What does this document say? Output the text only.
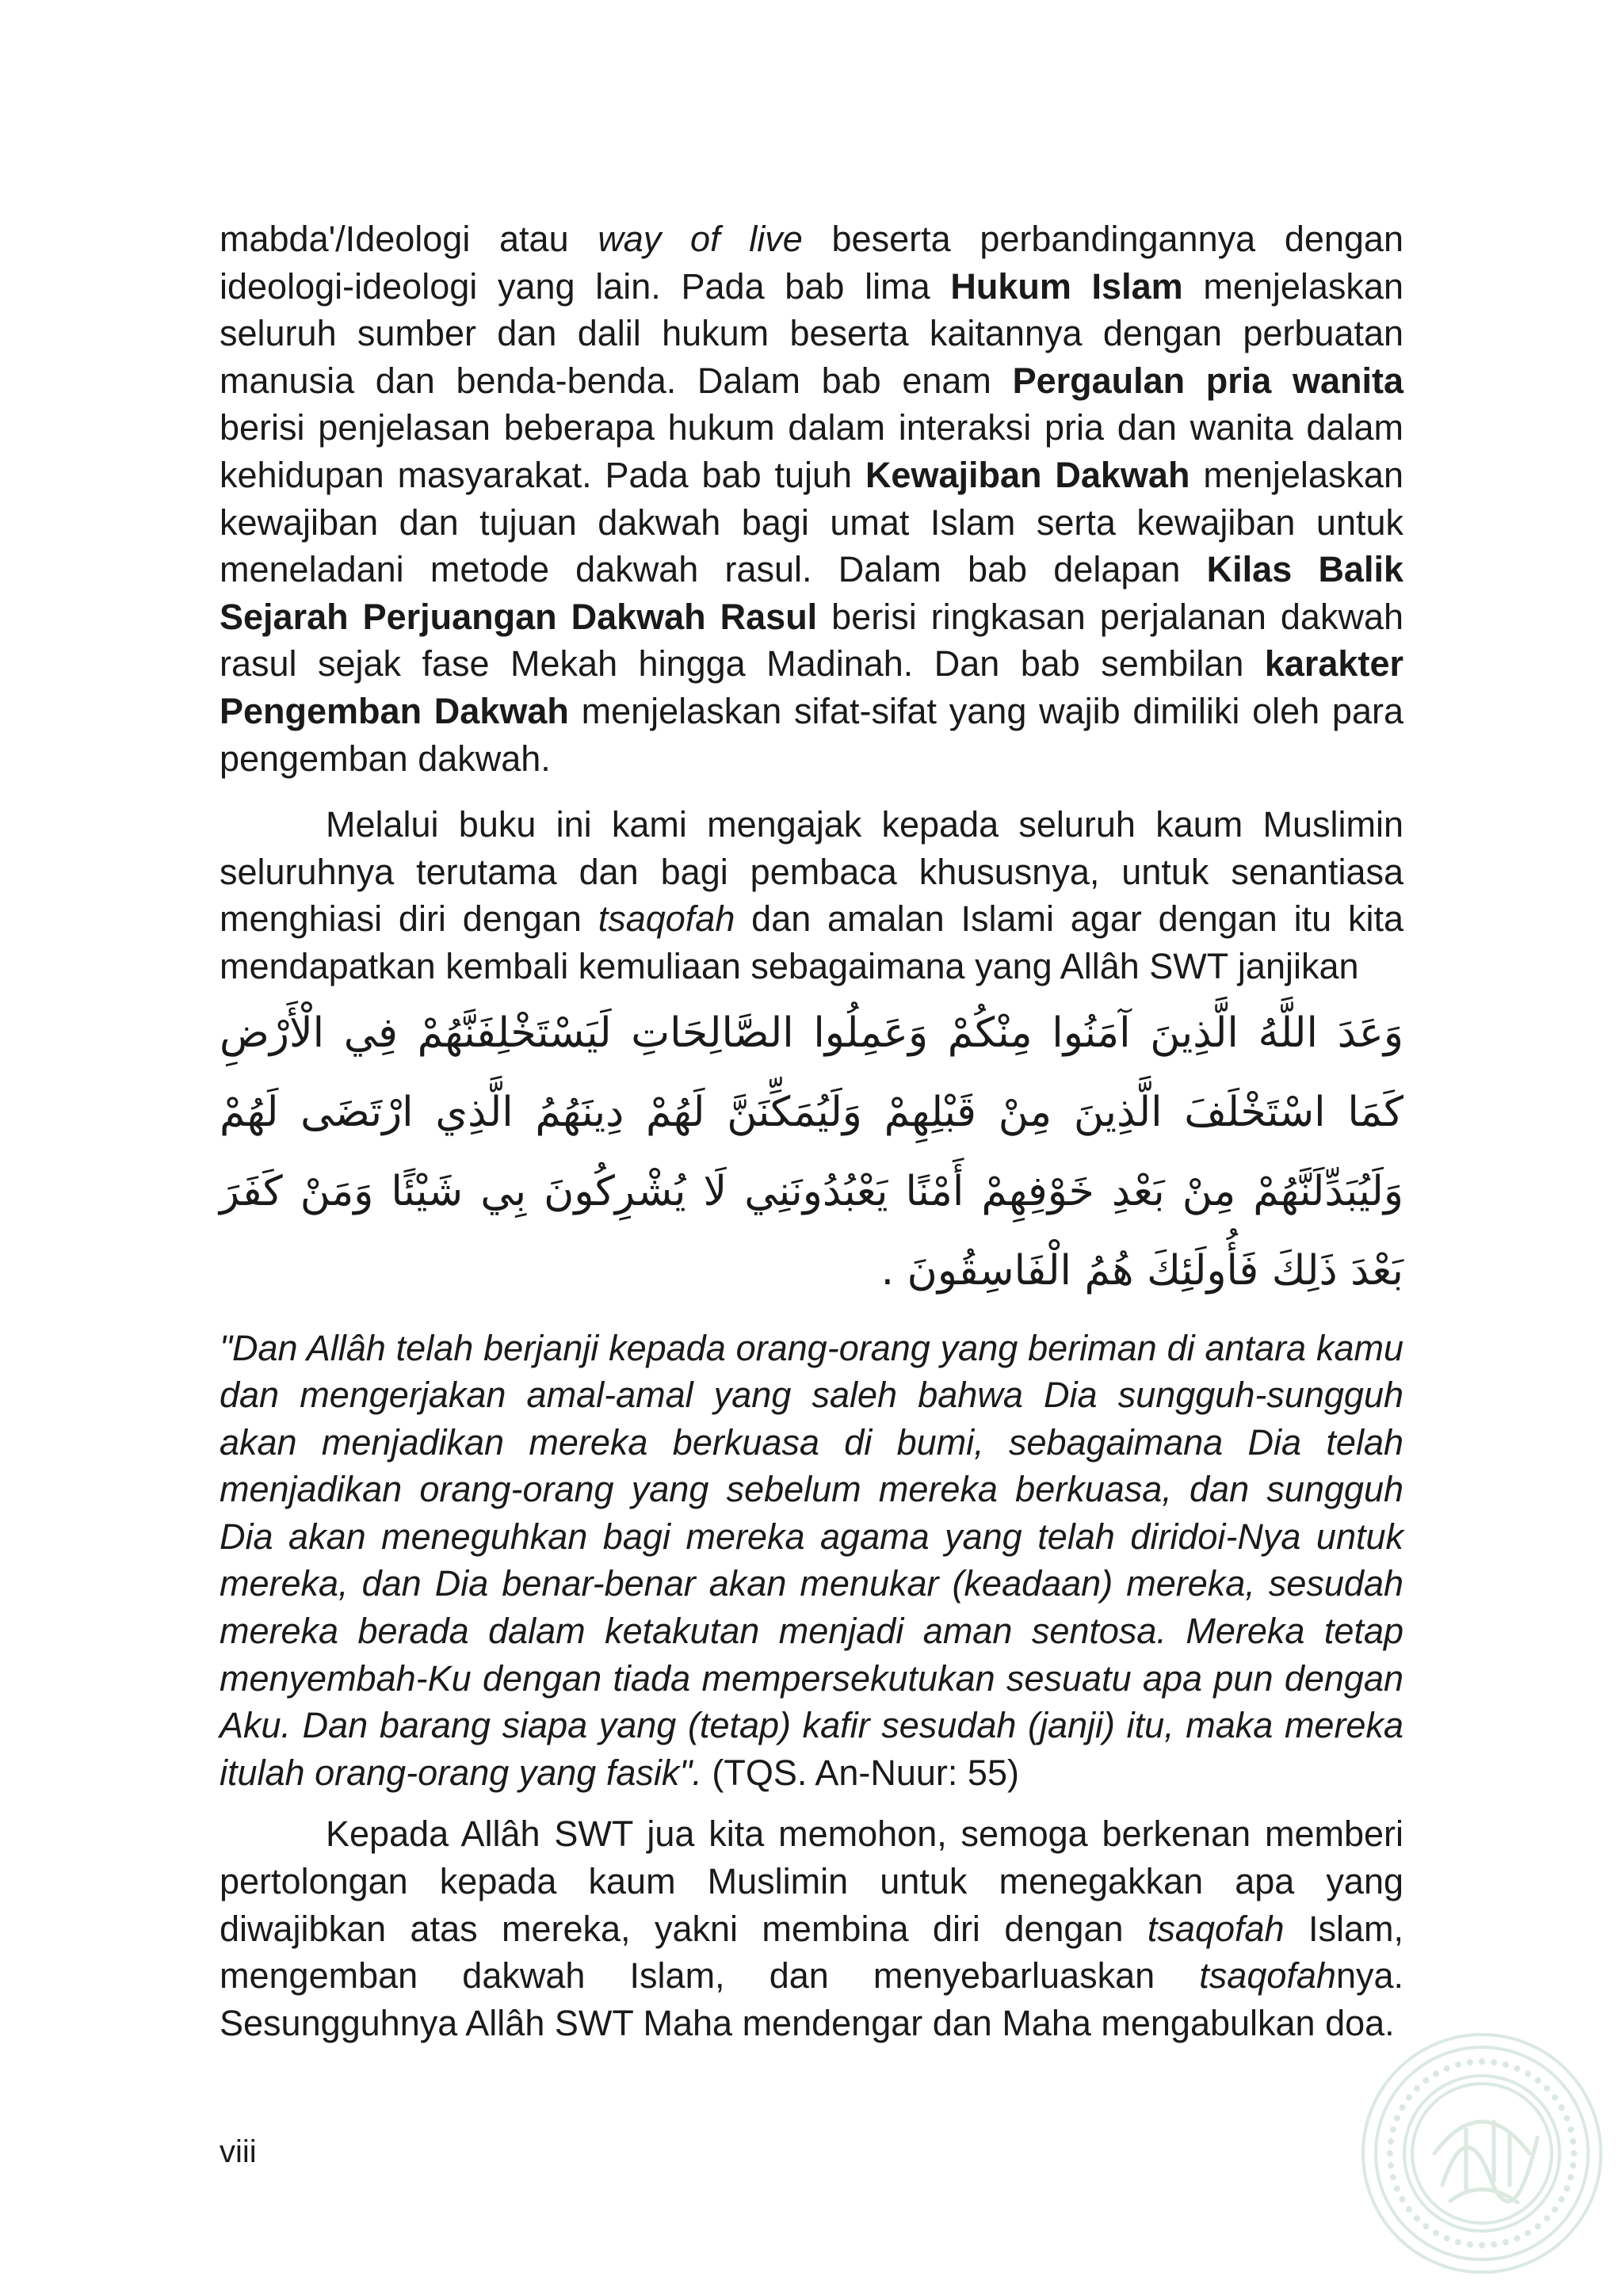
mabda'/Ideologi atau way of live beserta perbandingannya dengan ideologi-ideologi yang lain. Pada bab lima Hukum Islam menjelaskan seluruh sumber dan dalil hukum beserta kaitannya dengan perbuatan manusia dan benda-benda. Dalam bab enam Pergaulan pria wanita berisi penjelasan beberapa hukum dalam interaksi pria dan wanita dalam kehidupan masyarakat. Pada bab tujuh Kewajiban Dakwah menjelaskan kewajiban dan tujuan dakwah bagi umat Islam serta kewajiban untuk meneladani metode dakwah rasul. Dalam bab delapan Kilas Balik Sejarah Perjuangan Dakwah Rasul berisi ringkasan perjalanan dakwah rasul sejak fase Mekah hingga Madinah. Dan bab sembilan karakter Pengemban Dakwah menjelaskan sifat-sifat yang wajib dimiliki oleh para pengemban dakwah.

Melalui buku ini kami mengajak kepada seluruh kaum Muslimin seluruhnya terutama dan bagi pembaca khususnya, untuk senantiasa menghiasi diri dengan tsaqofah dan amalan Islami agar dengan itu kita mendapatkan kembali kemuliaan sebagaimana yang Allâh SWT janjikan

وَعَدَ اللَّهُ الَّذِينَ آمَنُوا مِنْكُمْ وَعَمِلُوا الصَّالِحَاتِ لَيَسْتَخْلِفَنَّهُمْ فِي الْأَرْضِ كَمَا اسْتَخْلَفَ الَّذِينَ مِنْ قَبْلِهِمْ وَلَيُمَكِّنَنَّ لَهُمْ دِينَهُمُ الَّذِي ارْتَضَى لَهُمْ وَلَيُبَدِّلَنَّهُمْ مِنْ بَعْدِ خَوْفِهِمْ أَمْنًا يَعْبُدُونَنِي لَا يُشْرِكُونَ بِي شَيْئًا وَمَنْ كَفَرَ بَعْدَ ذَلِكَ فَأُولَئِكَ هُمُ الْفَاسِقُونَ .

"Dan Allâh telah berjanji kepada orang-orang yang beriman di antara kamu dan mengerjakan amal-amal yang saleh bahwa Dia sungguh-sungguh akan menjadikan mereka berkuasa di bumi, sebagaimana Dia telah menjadikan orang-orang yang sebelum mereka berkuasa, dan sungguh Dia akan meneguhkan bagi mereka agama yang telah diridoi-Nya untuk mereka, dan Dia benar-benar akan menukar (keadaan) mereka, sesudah mereka berada dalam ketakutan menjadi aman sentosa. Mereka tetap menyembah-Ku dengan tiada mempersekutukan sesuatu apa pun dengan Aku. Dan barang siapa yang (tetap) kafir sesudah (janji) itu, maka mereka itulah orang-orang yang fasik". (TQS. An-Nuur: 55)

Kepada Allâh SWT jua kita memohon, semoga berkenan memberi pertolongan kepada kaum Muslimin untuk menegakkan apa yang diwajibkan atas mereka, yakni membina diri dengan tsaqofah Islam, mengemban dakwah Islam, dan menyebarluaskan tsaqofahnya. Sesungguhnya Allâh SWT Maha mendengar dan Maha mengabulkan doa.

viii
